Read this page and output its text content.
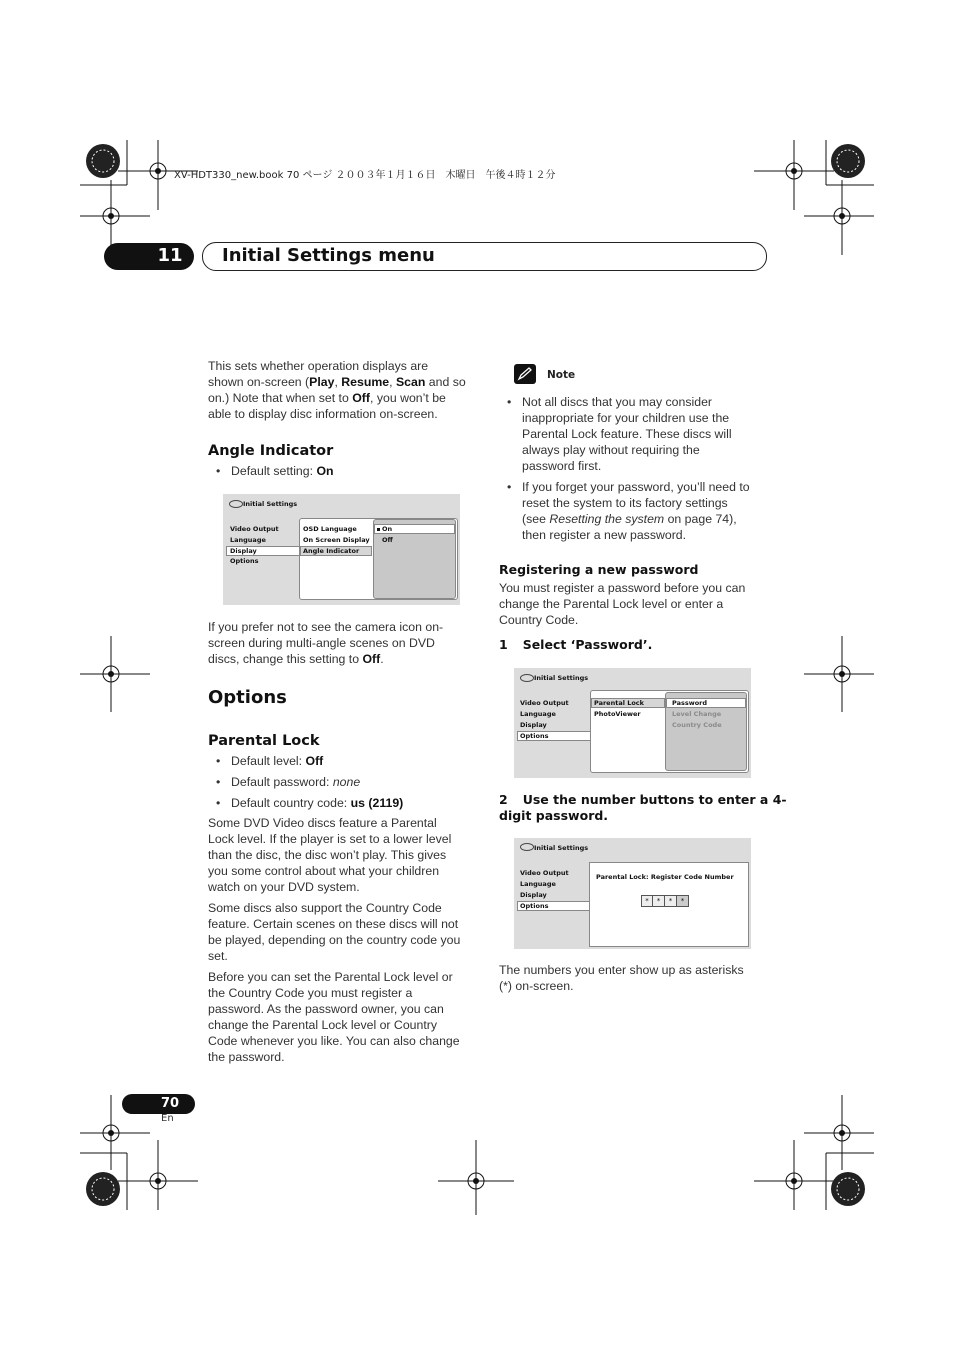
XV-HDT330_new.book 70 ページ ２００３年１月１６日　木曜日　午後４時１２分
11	Initial Settings menu
This sets whether operation displays are
shown on-screen (Play, Resume, Scan and so
on.) Note that when set to Off, you won’t be
able to display disc information on-screen.
Angle Indicator
• Default setting: On
Initial Settings
Video Output
Language
Display
Options
OSD Language
On Screen Display
Angle Indicator
On
Off
If you prefer not to see the camera icon on-
screen during multi-angle scenes on DVD
discs, change this setting to Off.
Options
Parental Lock
• Default level: Off
• Default password: none
• Default country code: us (2119)
Some DVD Video discs feature a Parental
Lock level. If the player is set to a lower level
than the disc, the disc won’t play. This gives
you some control about what your children
watch on your DVD system.
Some discs also support the Country Code
feature. Certain scenes on these discs will not
be played, depending on the country code you
set.
Before you can set the Parental Lock level or
the Country Code you must register a
password. As the password owner, you can
change the Parental Lock level or Country
Code whenever you like. You can also change
the password.
Note
• Not all discs that you may consider
inappropriate for your children use the
Parental Lock feature. These discs will
always play without requiring the
password first.
• If you forget your password, you’ll need to
reset the system to its factory settings
(see Resetting the system on page 74),
then register a new password.
Registering a new password
You must register a password before you can
change the Parental Lock level or enter a
Country Code.
1 Select ‘Password’.
Initial Settings
Video Output
Language
Display
Options
Parental Lock
PhotoViewer
Password
Level Change
Country Code
2 Use the number buttons to enter a 4-
digit password.
Initial Settings
Video Output
Language
Display
Options
Parental Lock: Register Code Number
*	*	*	*
The numbers you enter show up as asterisks
(*) on-screen.
70
En
